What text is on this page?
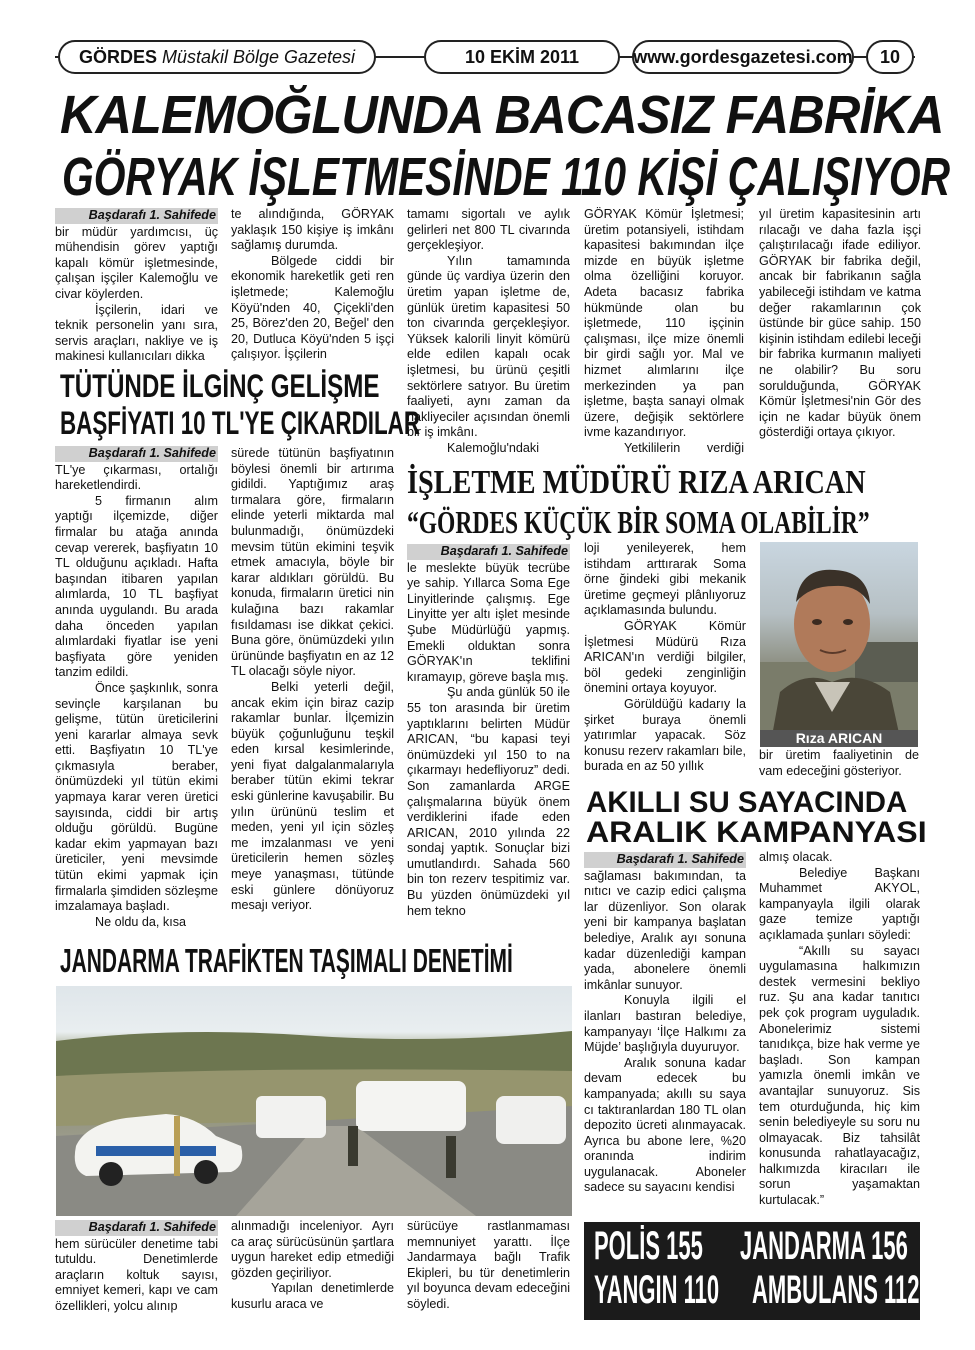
GÖRDES Müstakil Bölge Gazetesi	10 EKİM 2011	www.gordesgazetesi.com	10
KALEMOĞLUNDA BACASIZ FABRİKA
GÖRYAK İŞLETMESİNDE 110 KİŞİ ÇALIŞIYOR
Başdarafı 1. Sahifede

bir müdür yardımcısı, üç mühendisin görev yaptığı kapalı kömür işletmesinde, çalışan işçiler Kalemoğlu ve civar köylerden.

İşçilerin, idari ve teknik personelin yanı sıra, servis araçları, nakliye ve iş makinesi kullanıcıları dikka

te alındığında, GÖRYAK yaklaşık 150 kişiye iş imkânı sağlamış durumda.

Bölgede ciddi bir ekonomik hareketlik geti ren işletmede; Kalemoğlu Köyü'nden 40, Çiçekli'den 25, Börez'den 20, Beğel' den 20, Dutluca Köyü'nden 5 işçi çalışıyor. İşçilerin

tamamı sigortalı ve aylık gelirleri net 800 TL civarında gerçekleşiyor.

Yılın tamamında günde üç vardiya üzerin den üretim yapan işletme de, günlük üretim kapasitesi 50 ton civarında gerçekleşiyor. Yüksek kalorili linyit kömürü elde edilen kapalı ocak işletmesi, bu ürünü çeşitli sektörlere satıyor. Bu üretim faaliyeti, aynı zaman da nakliyeciler açısından önemli bir iş imkânı.

Kalemoğlu'ndaki

GÖRYAK Kömür İşletmesi; üretim potansiyeli, istihdam kapasitesi bakımından ilçe mizde en büyük işletme olma özelliğini koruyor. Adeta bacasız fabrika hükmünde olan bu işletmede, 110 işçinin çalışması, ilçe mize önemli bir girdi sağlı yor. Mal ve hizmet alımlarını ilçe merkezinden ya pan işletme, başta sanayi olmak üzere, değişik sektörlere ivme kazandırıyor.

Yetkililerin verdiği

yıl üretim kapasitesinin artı rılacağı ve daha fazla işçi çalıştırılacağı ifade ediliyor. GÖRYAK bir fabrika değil, ancak bir fabrikanın sağla yabileceği istihdam ve katma değer rakamlarının çok üstünde bir güce sahip. 150 kişinin istihdam edilebi leceği bir fabrika kurmanın maliyeti ne olabilir? Bu soru sorulduğunda, GÖRYAK Kömür İşletmesi'nin Gör des için ne kadar büyük önem gösterdiği ortaya çıkıyor.

TÜTÜNDE İLGİNÇ GELİŞME
BAŞFİYATI 10 TL'YE ÇIKARDILAR
Başdarafı 1. Sahifede

TL'ye çıkarması, ortalığı hareketlendirdi.

5 firmanın alım yaptığı ilçemizde, diğer firmalar bu atağa anında cevap vererek, başfiyatın 10 TL olduğunu açıkladı. Hafta başından itibaren yapılan alımlarda, 10 TL başfiyat anında uygulandı. Bu arada daha önceden yapılan alımlardaki fiyatlar ise yeni başfiyata göre yeniden tanzim edildi.

Önce şaşkınlık, sonra sevinçle karşılanan bu gelişme, tütün üreticilerini yeni kararlar almaya sevk etti. Başfiyatın 10 TL'ye çıkmasıyla beraber, önümüzdeki yıl tütün ekimi yapmaya karar veren üretici sayısında, ciddi bir artış olduğu görüldü. Bugüne kadar ekim yapmayan bazı üreticiler, yeni mevsimde tütün ekimi yapmak için firmalarla şimdiden sözleşme imzalamaya başladı.

Ne oldu da, kısa

sürede tütünün başfiyatının böylesi önemli bir artırıma gidildi. Yaptığımız araş tırmalara göre, firmaların elinde yeterli miktarda mal bulunmadığı, önümüzdeki mevsim tütün ekimini teşvik etmek amacıyla, böyle bir karar aldıkları görüldü. Bu konuda, firmaların üretici nin kulağına bazı rakamlar fısıldaması ise dikkat çekici. Buna göre, önümüzdeki yılın ürününde başfiyatın en az 12 TL olacağı söyle niyor.

Belki yeterli değil, ancak ekim için biraz cazip rakamlar bunlar. İlçemizin büyük çoğunluğunu teşkil eden kırsal kesimlerinde, yeni fiyat dalgalanmalarıyla beraber tütün ekimi tekrar eski günlerine kavuşabilir. Bu yılın ürününü teslim et meden, yeni yıl için sözleş me imzalanması ve yeni üreticilerin hemen sözleş meye yanaşması, tütünde eski günlere dönüyoruz mesajı veriyor.

İŞLETME MÜDÜRÜ RIZA ARICAN
“GÖRDES KÜÇÜK BİR SOMA OLABİLİR”
Başdarafı 1. Sahifede

le meslekte büyük tecrübe ye sahip. Yıllarca Soma Ege Linyitlerinde çalışmış. Ege Linyitte yer altı işlet mesinde Şube Müdürlüğü yapmış. Emekli olduktan sonra GÖRYAK'ın teklifini kıramayıp, göreve başla mış.

Şu anda günlük 50 ile 55 ton arasında bir üretim yaptıklarını belirten Müdür ARICAN, “bu kapasi teyi önümüzdeki yıl 150 to na çıkarmayı hedefliyoruz” dedi. Son zamanlarda ARGE çalışmalarına büyük önem verdiklerini ifade eden ARICAN, 2010 yılında 22 sondaj yaptık. Sonuçlar bizi umutlandırdı. Sahada 560 bin ton rezerv tespitimiz var. Bu yüzden önümüzdeki yıl hem tekno

loji yenileyerek, hem istihdam arttırarak Soma örne ğindeki gibi mekanik üretime geçmeyi plânlıyoruz açıklamasında bulundu.

GÖRYAK Kömür İşletmesi Müdürü Rıza ARICAN'ın verdiği bilgiler, böl gedeki zenginliğin önemini ortaya koyuyor.

Görüldüğü kadarıy la şirket buraya önemli yatırımlar yapacak. Söz konusu rezerv rakamları bile, burada en az 50 yıllık

Rıza ARICAN

bir üretim faaliyetinin de vam edeceğini gösteriyor.

AKILLI SU SAYACINDA
ARALIK KAMPANYASI
Başdarafı 1. Sahifede

sağlaması bakımından, ta nıtıcı ve cazip edici çalışma lar düzenliyor. Son olarak yeni bir kampanya başlatan belediye, Aralık ayı sonuna kadar düzenlediği kampan yada, abonelere önemli imkânlar sunuyor.

Konuyla ilgili el ilanları bastıran belediye, kampanyayı ‘İlçe Halkımı za Müjde’ başlığıyla duyuruyor.

Aralık sonuna kadar devam edecek bu kampanyada; akıllı su saya cı taktıranlardan 180 TL olan depozito ücreti alınmayacak. Ayrıca bu abone lere, %20 oranında indirim uygulanacak. Aboneler sadece su sayacını kendisi

almış olacak.

Belediye Başkanı Muhammet AKYOL, kampanyayla ilgili olarak gaze temize yaptığı açıklamada şunları söyledi:

“Akıllı su sayacı uygulamasına halkımızın destek vermesini bekliyo ruz. Şu ana kadar tanıtıcı pek çok program uyguladık. Abonelerimiz sistemi tanıdıkça, bize hak verme ye başladı. Son kampan yamızla önemli imkân ve avantajlar sunuyoruz. Sis tem oturduğunda, hiç kim senin belediyeyle su soru nu olmayacak. Biz tahsilât konusunda rahatlayacağız, halkımızda kiracıları ile sorun yaşamaktan kurtulacak.”

JANDARMA TRAFİKTEN TAŞIMALI DENETİMİ
Başdarafı 1. Sahifede

hem sürücüler denetime tabi tutuldu. Denetimlerde araçların koltuk sayısı, emniyet kemeri, kapı ve cam özellikleri, yolcu alınıp

alınmadığı inceleniyor. Ayrı ca araç sürücüsünün şartlara uygun hareket edip etmediği gözden geçiriliyor.

Yapılan denetimlerde kusurlu araca ve

sürücüye rastlanmaması memnuniyet yarattı. İlçe Jandarmaya bağlı Trafik Ekipleri, bu tür denetimlerin yıl boyunca devam edeceğini söyledi.

POLİS 155 JANDARMA 156
YANGIN 110 AMBULANS 112
